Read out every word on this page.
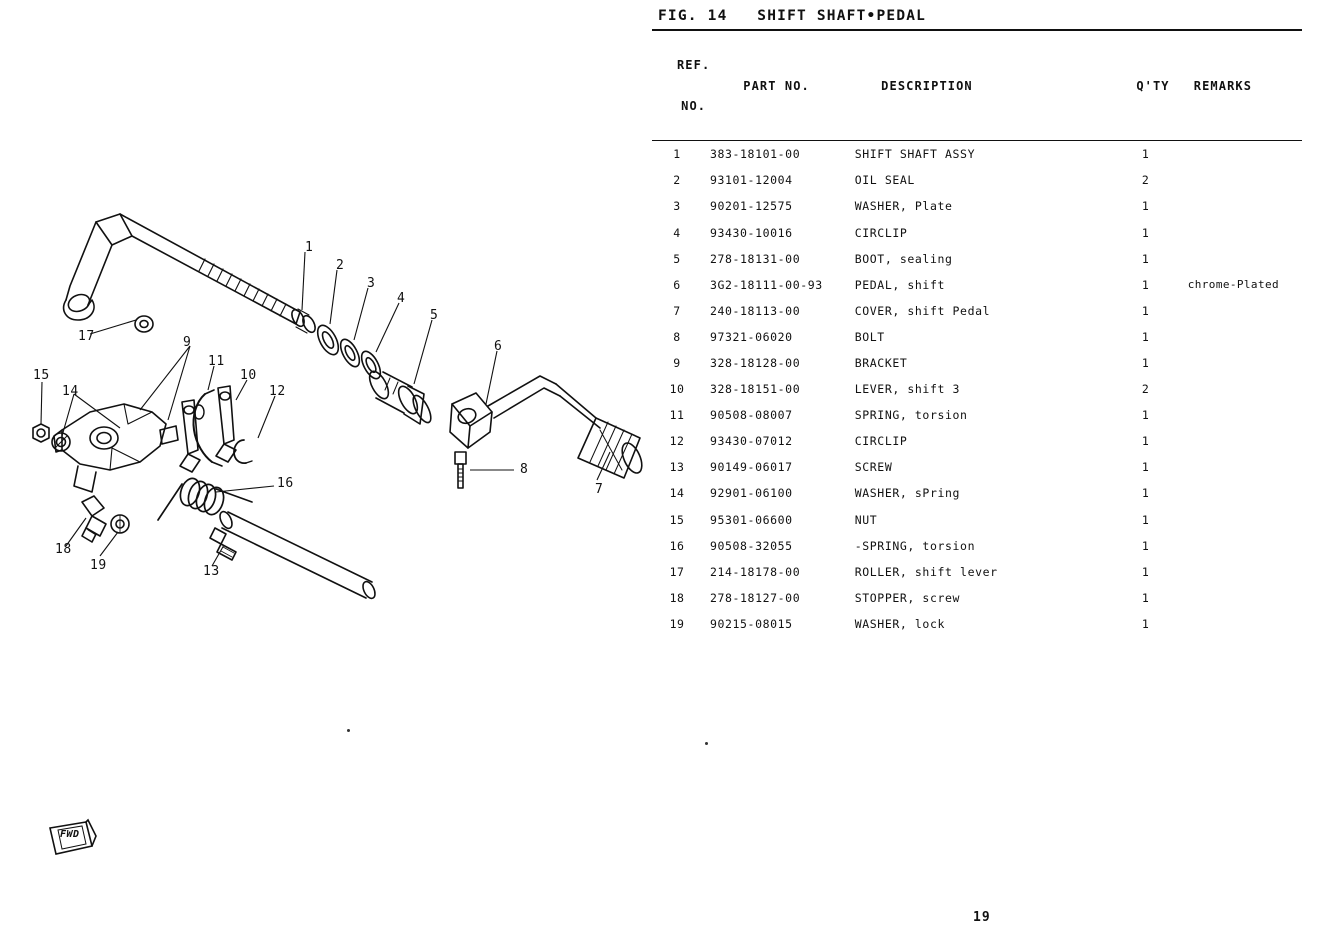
1
2
3
4
5
6
7
8
9
10
11
12
13
14
15
16
17
18
19
FWD
FIG. 14   SHIFT SHAFT•PEDAL

REF.

NO.

	PART NO.	DESCRIPTION	Q'TY	REMARKS
1	383-18101-00	SHIFT SHAFT ASSY	1	
2	93101-12004	OIL SEAL	2	
3	90201-12575	WASHER, Plate	1	
4	93430-10016	CIRCLIP	1	
5	278-18131-00	BOOT, sealing	1	
6	3G2-18111-00-93	PEDAL, shift	1	chrome-Plated
7	240-18113-00	COVER, shift Pedal	1	
8	97321-06020	BOLT	1	
9	328-18128-00	BRACKET	1	
10	328-18151-00	LEVER, shift 3	2	
11	90508-08007	SPRING, torsion	1	
12	93430-07012	CIRCLIP	1	
13	90149-06017	SCREW	1	
14	92901-06100	WASHER, sPring	1	
15	95301-06600	NUT	1	
16	90508-32055	-SPRING, torsion	1	
17	214-18178-00	ROLLER, shift lever	1	
18	278-18127-00	STOPPER, screw	1	
19	90215-08015	WASHER, lock	1	
19
